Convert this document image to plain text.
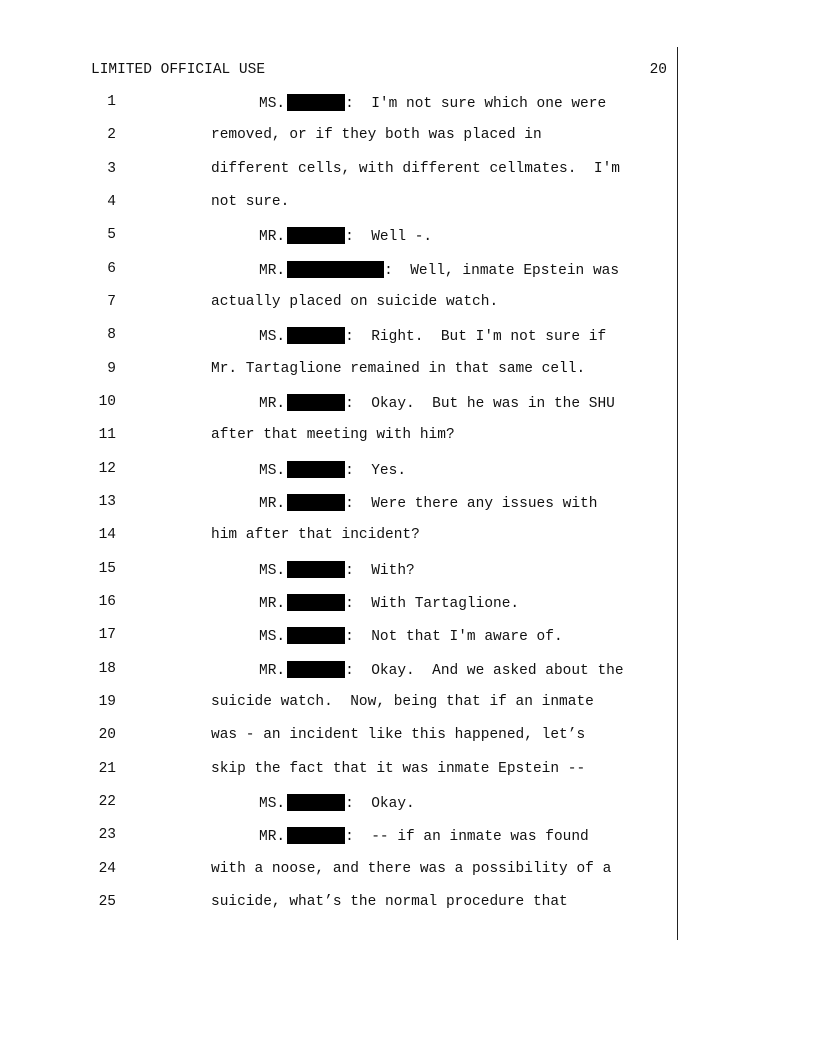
LIMITED OFFICIAL USE	20
1	MS.	:  I'm not sure which one were
2	removed, or if they both was placed in
3	different cells, with different cellmates.  I'm
4	not sure.
5	MR.	:  Well -.
6	MR.	:  Well, inmate Epstein was
7	actually placed on suicide watch.
8	MS.	:  Right.  But I'm not sure if
9	Mr. Tartaglione remained in that same cell.
10	MR.	:  Okay.  But he was in the SHU
11	after that meeting with him?
12	MS.	:  Yes.
13	MR.	:  Were there any issues with
14	him after that incident?
15	MS.	:  With?
16	MR.	:  With Tartaglione.
17	MS.	:  Not that I'm aware of.
18	MR.	:  Okay.  And we asked about the
19	suicide watch.  Now, being that if an inmate
20	was - an incident like this happened, let’s
21	skip the fact that it was inmate Epstein --
22	MS.	:  Okay.
23	MR.	:  -- if an inmate was found
24	with a noose, and there was a possibility of a
25	suicide, what’s the normal procedure that
